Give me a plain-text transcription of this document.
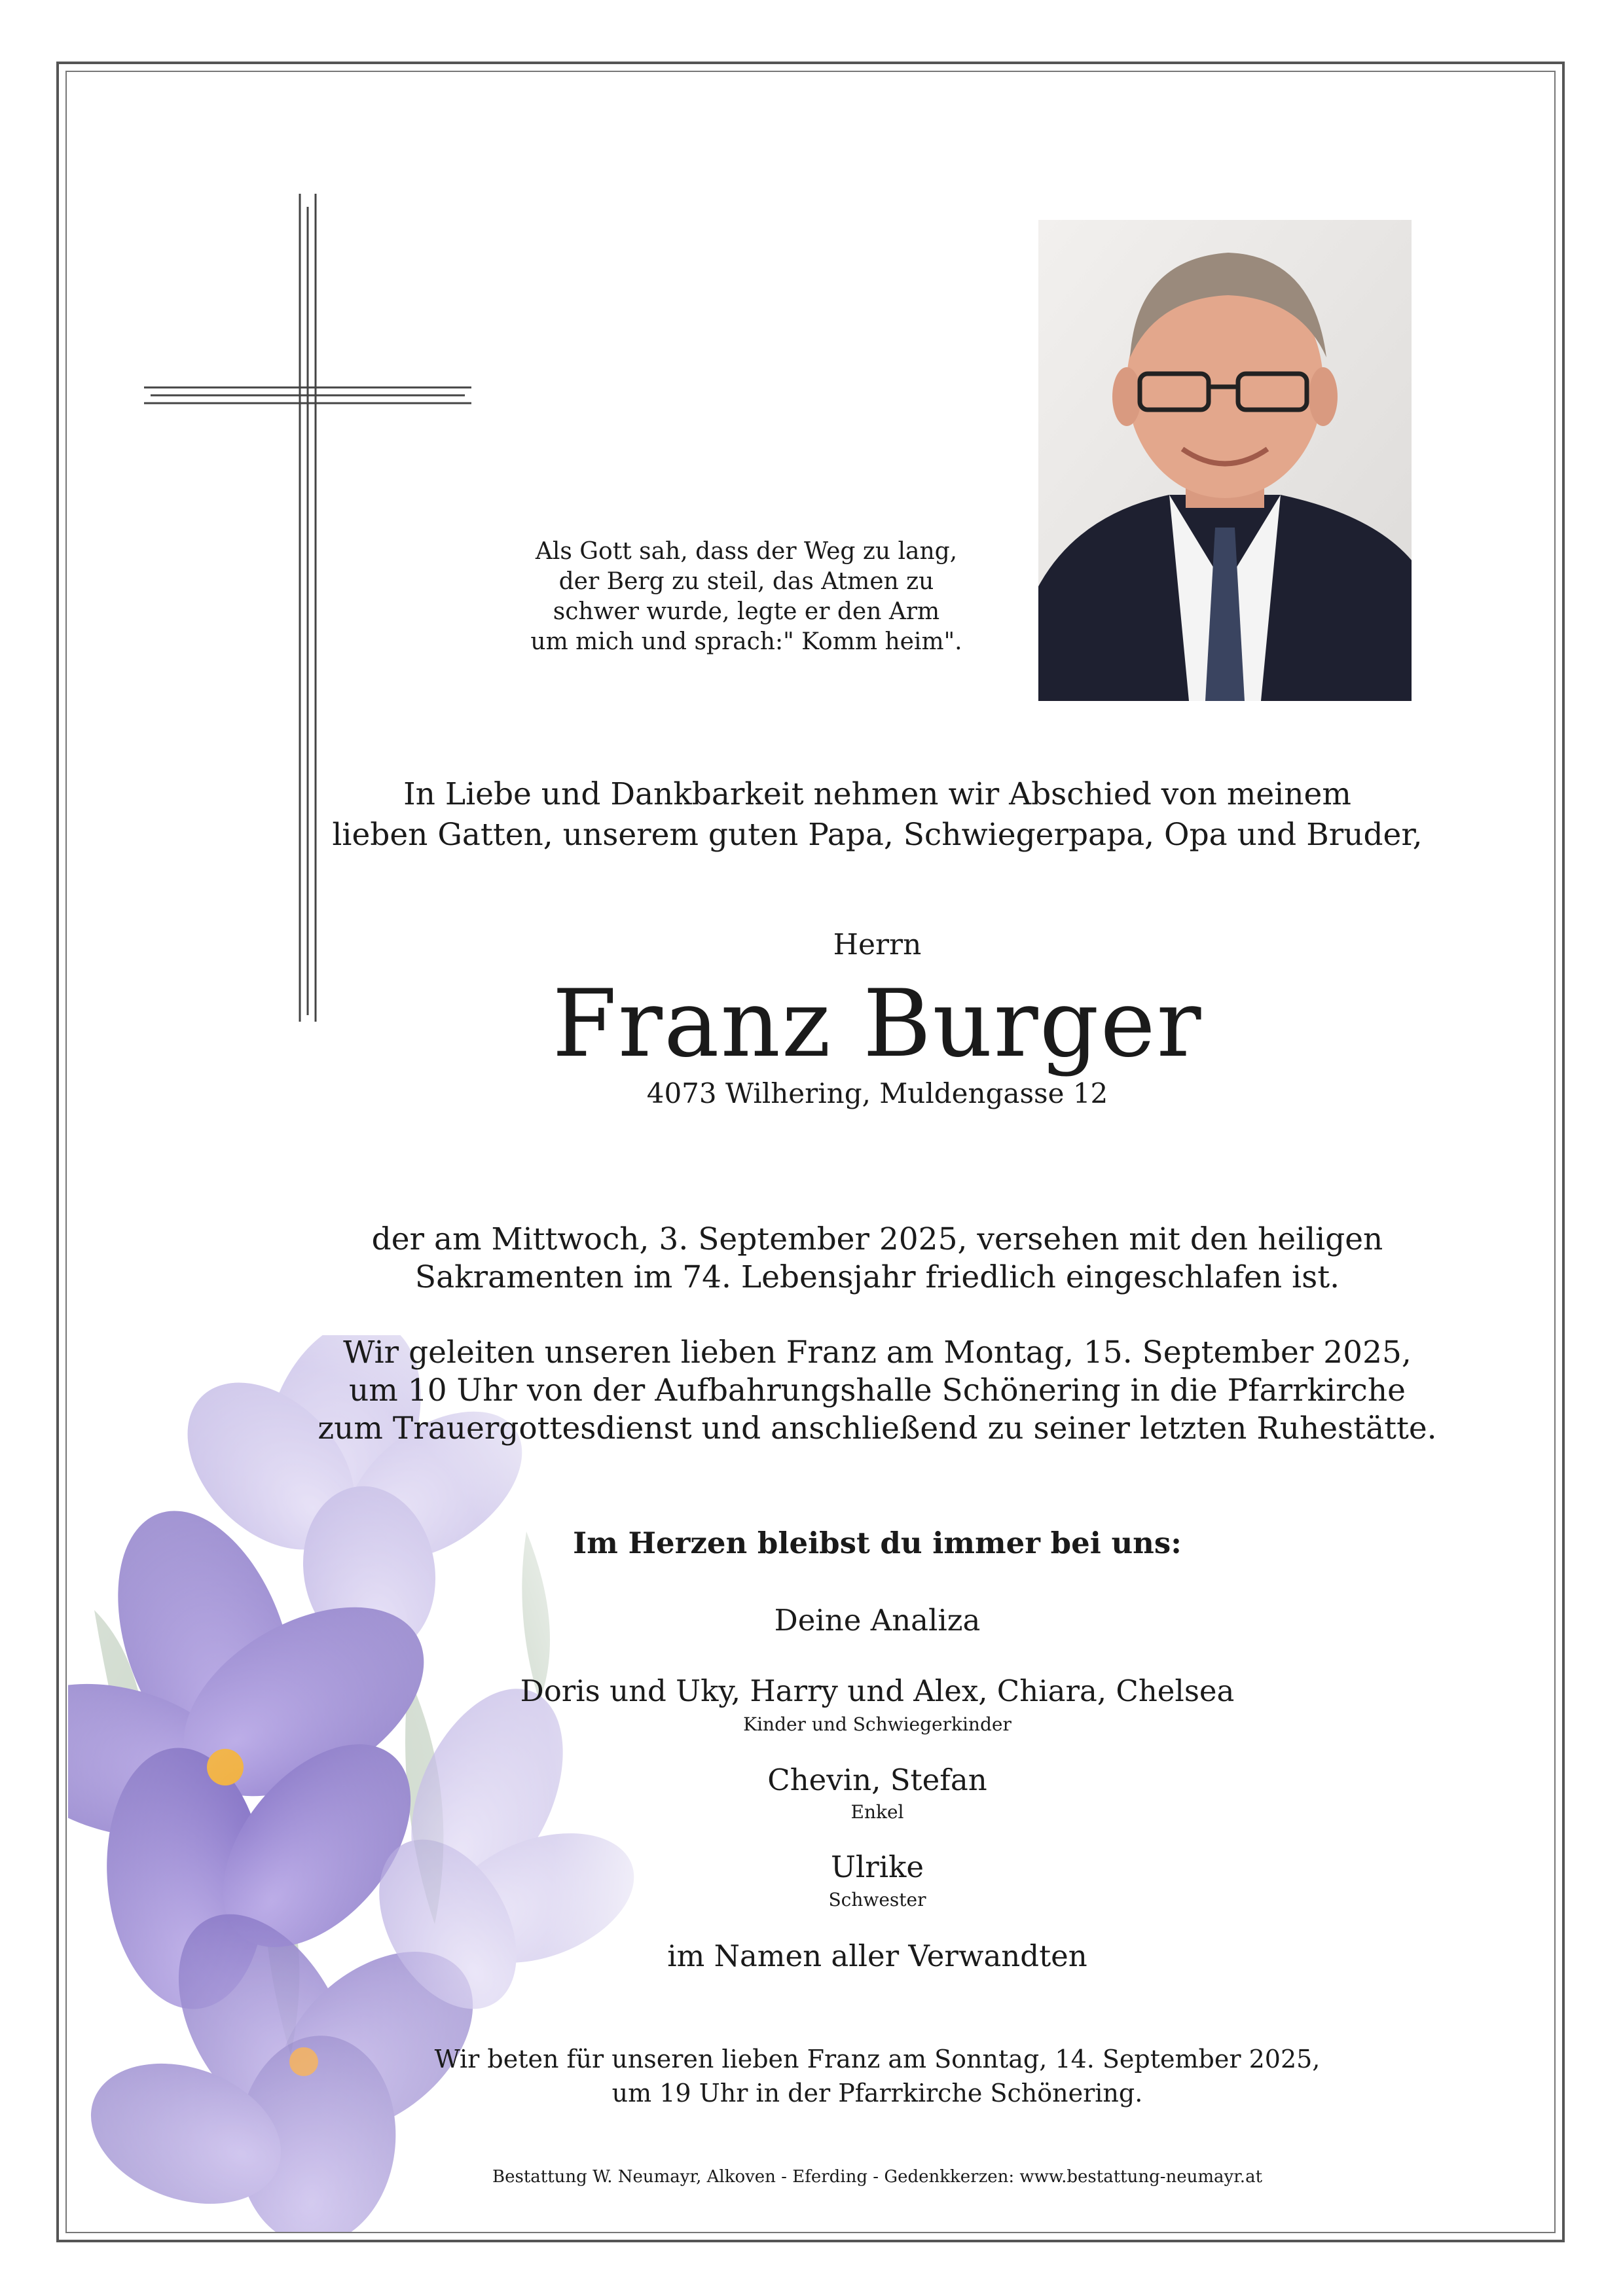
Als Gott sah, dass der Weg zu lang,
der Berg zu steil, das Atmen zu
schwer wurde, legte er den Arm
um mich und sprach:" Komm heim".
In Liebe und Dankbarkeit nehmen wir Abschied von meinem
lieben Gatten, unserem guten Papa, Schwiegerpapa, Opa und Bruder,
Herrn
Franz Burger
4073 Wilhering, Muldengasse 12
der am Mittwoch, 3. September 2025, versehen mit den heiligen
Sakramenten im 74. Lebensjahr friedlich eingeschlafen ist.
Wir geleiten unseren lieben Franz am Montag, 15. September 2025,
um 10 Uhr von der Aufbahrungshalle Schönering in die Pfarrkirche
zum Trauergottesdienst und anschließend zu seiner letzten Ruhestätte.
Im Herzen bleibst du immer bei uns:
Deine Analiza
Doris und Uky, Harry und Alex, Chiara, Chelsea
Kinder und Schwiegerkinder
Chevin, Stefan
Enkel
Ulrike
Schwester
im Namen aller Verwandten
Wir beten für unseren lieben Franz am Sonntag, 14. September 2025,
um 19 Uhr in der Pfarrkirche Schönering.
Bestattung W. Neumayr, Alkoven - Eferding - Gedenkkerzen: www.bestattung-neumayr.at
